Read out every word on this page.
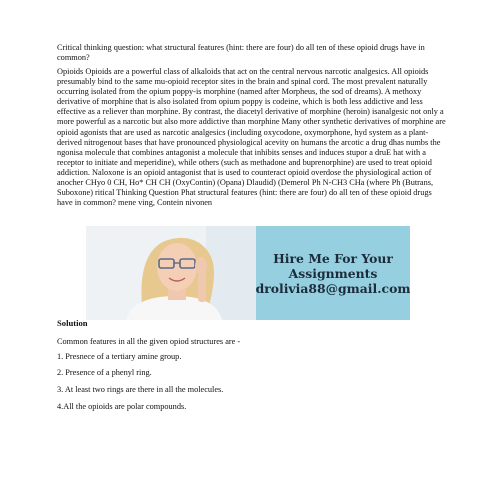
Critical thinking question: what structural features (hint: there are four) do all ten of these opioid drugs have in common?

Opioids Opioids are a powerful class of alkaloids that act on the central nervous narcotic analgesics. All opioids presumably bind to the same mu-opioid receptor sites in the brain and spinal cord. The most prevalent naturally occurring isolated from the opium poppy-is morphine (named after Morpheus, the sod of dreams). A methoxy derivative of morphine that is also isolated from opium poppy is codeine, which is both less addictive and less effective as a reliever than morphine. By contrast, the diacetyl derivative of morphine (heroin) isanalgesic not only a more powerful as a narcotic but also more addictive than morphine Many other synthetic derivatives of morphine are opioid agonists that are used as narcotic analgesics (including oxycodone, oxymorphone, hyd system as a plant-derived nitrogenout bases that have pronounced physiological acevity on humans the arcotic a drug dhas numbs the ngonisa molecule that combines antagonist a molecule that inhibits senses and induces stupor a druE hat with a receptor to initiate and meperidine), while others (such as methadone and buprenorphine) are used to treat opioid addiction. Naloxone is an opioid antagonist that is used to counteract opioid overdose the physiological action of anocher CHyo 0 CH, Ho* CH CH (OxyContin) (Opana) Dlaudid) (Demerol Ph N-CH3 CHa (where Ph (Butrans, Suboxone) ritical Thinking Question Phat structural features (hint: there are four) do all ten of these opioid drugs have in common? mene ving, Contein nivonen

Hire Me For Your
Assignments
drolivia88@gmail.com

Solution

Common features in all the given opiod structures are -

1. Presnece of a tertiary amine group.

2. Presence of a phenyl ring.

3. At least two rings are there in all the molecules.

4.All the opioids are polar compounds.
